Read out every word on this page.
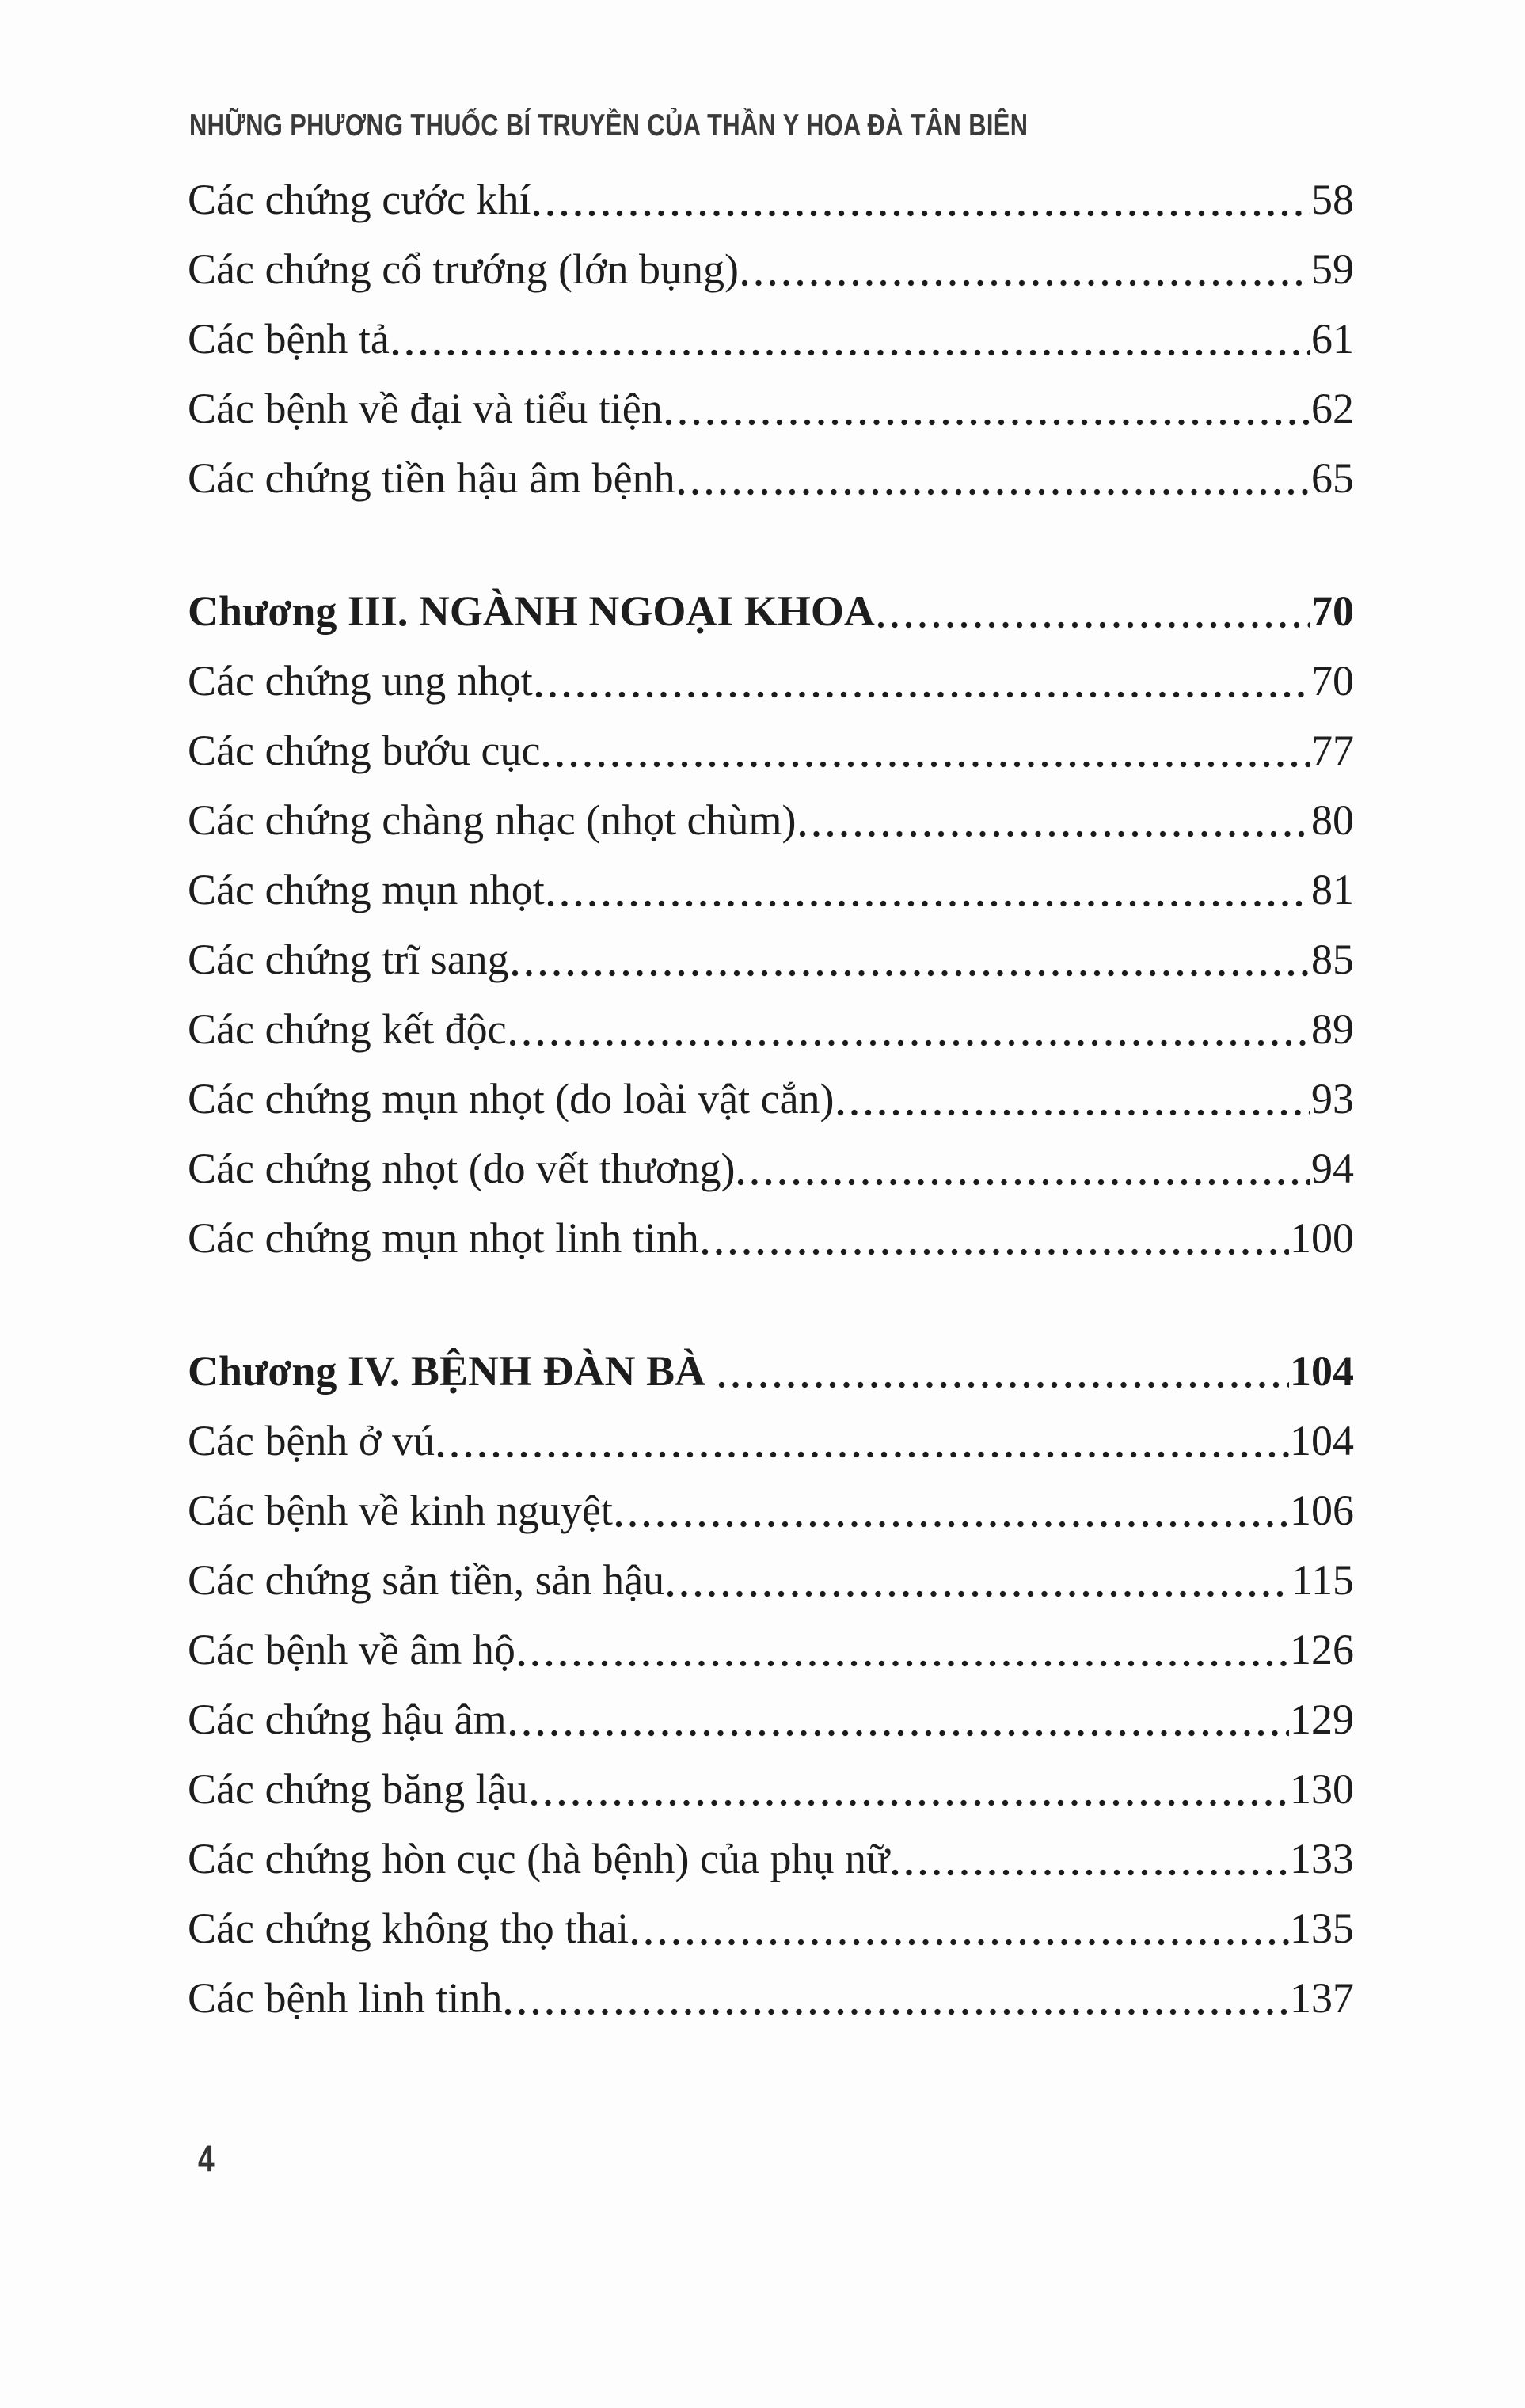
NHỮNG PHƯƠNG THUỐC BÍ TRUYỀN CỦA THẦN Y HOA ĐÀ TÂN BIÊN
Các chứng cước khí	58
Các chứng cổ trướng (lớn bụng)	59
Các bệnh tả	61
Các bệnh về đại và tiểu tiện	62
Các chứng tiền hậu âm bệnh	65
Chương III. NGÀNH NGOẠI KHOA	70
Các chứng ung nhọt	70
Các chứng bướu cục	77
Các chứng chàng nhạc (nhọt chùm)	80
Các chứng mụn nhọt	81
Các chứng trĩ sang	85
Các chứng kết độc	89
Các chứng mụn nhọt (do loài vật cắn)	93
Các chứng nhọt (do vết thương)	94
Các chứng mụn nhọt linh tinh	100
Chương IV. BỆNH ĐÀN BÀ	104
Các bệnh ở vú	104
Các bệnh về kinh nguyệt	106
Các chứng sản tiền, sản hậu	115
Các bệnh về âm hộ	126
Các chứng hậu âm	129
Các chứng băng lậu	130
Các chứng hòn cục (hà bệnh) của phụ nữ	133
Các chứng không thọ thai	135
Các bệnh linh tinh	137
4
